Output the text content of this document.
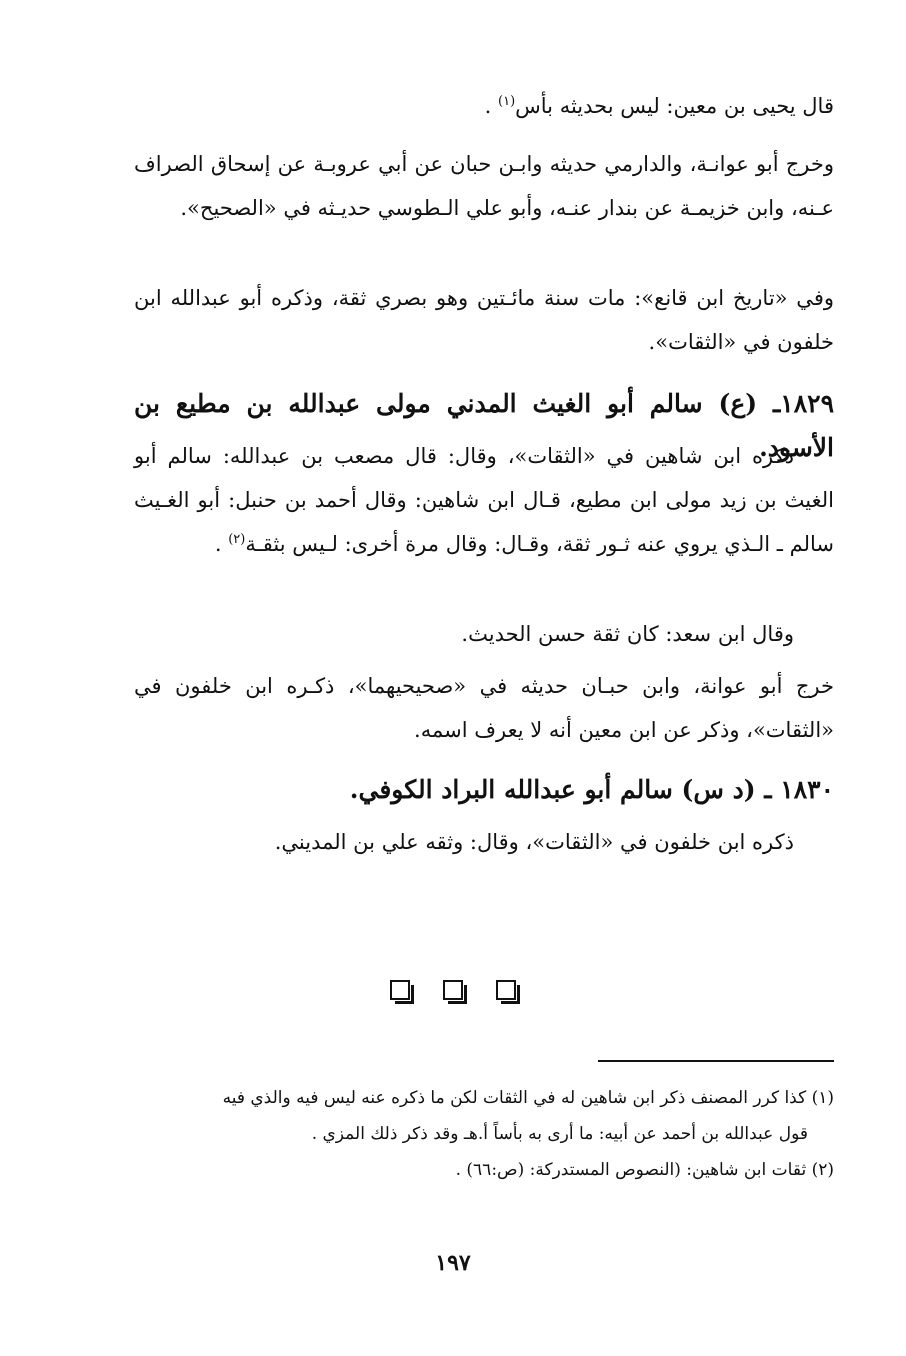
قال يحيى بن معين: ليس بحديثه بأس$^{(١)}$ .
وخرج أبو عوانـة، والدارمي حديثه وابـن حبان عن أبي عروبـة عن إسحاق الصراف عـنه، وابن خزيمـة عن بندار عنـه، وأبو علي الـطوسي حديـثه في «الصحيح».
وفي «تاريخ ابن قانع»: مات سنة مائـتين وهو بصري ثقة، وذكره أبو عبدالله ابن خلفون في «الثقات».
١٨٢٩ـ (ع) سالم أبو الغيث المدني مولى عبدالله بن مطيع بن الأسود.
ذكره ابن شاهين في «الثقات»، وقال: قال مصعب بن عبدالله: سالم أبو الغيث بن زيد مولى ابن مطيع، قـال ابن شاهين: وقال أحمد بن حنبل: أبو الغـيث سالم ـ الـذي يروي عنه ثـور ثقة، وقـال: وقال مرة أخرى: لـيس بثقـة$^{(٢)}$ .
وقال ابن سعد: كان ثقة حسن الحديث.
خرج أبو عوانة، وابن حبـان حديثه في «صحيحيهما»، ذكـره ابن خلفون في «الثقات»، وذكر عن ابن معين أنه لا يعرف اسمه.
١٨٣٠ ـ (د س) سالم أبو عبدالله البراد الكوفي.
ذكره ابن خلفون في «الثقات»، وقال: وثقه علي بن المديني.

(١) كذا كرر المصنف ذكر ابن شاهين له في الثقات لكن ما ذكره عنه ليس فيه والذي فيه
قول عبدالله بن أحمد عن أبيه: ما أرى به بأساً أ.هـ وقد ذكر ذلك المزي .
(٢) ثقات ابن شاهين: (النصوص المستدركة: (ص:٦٦) .
١٩٧
